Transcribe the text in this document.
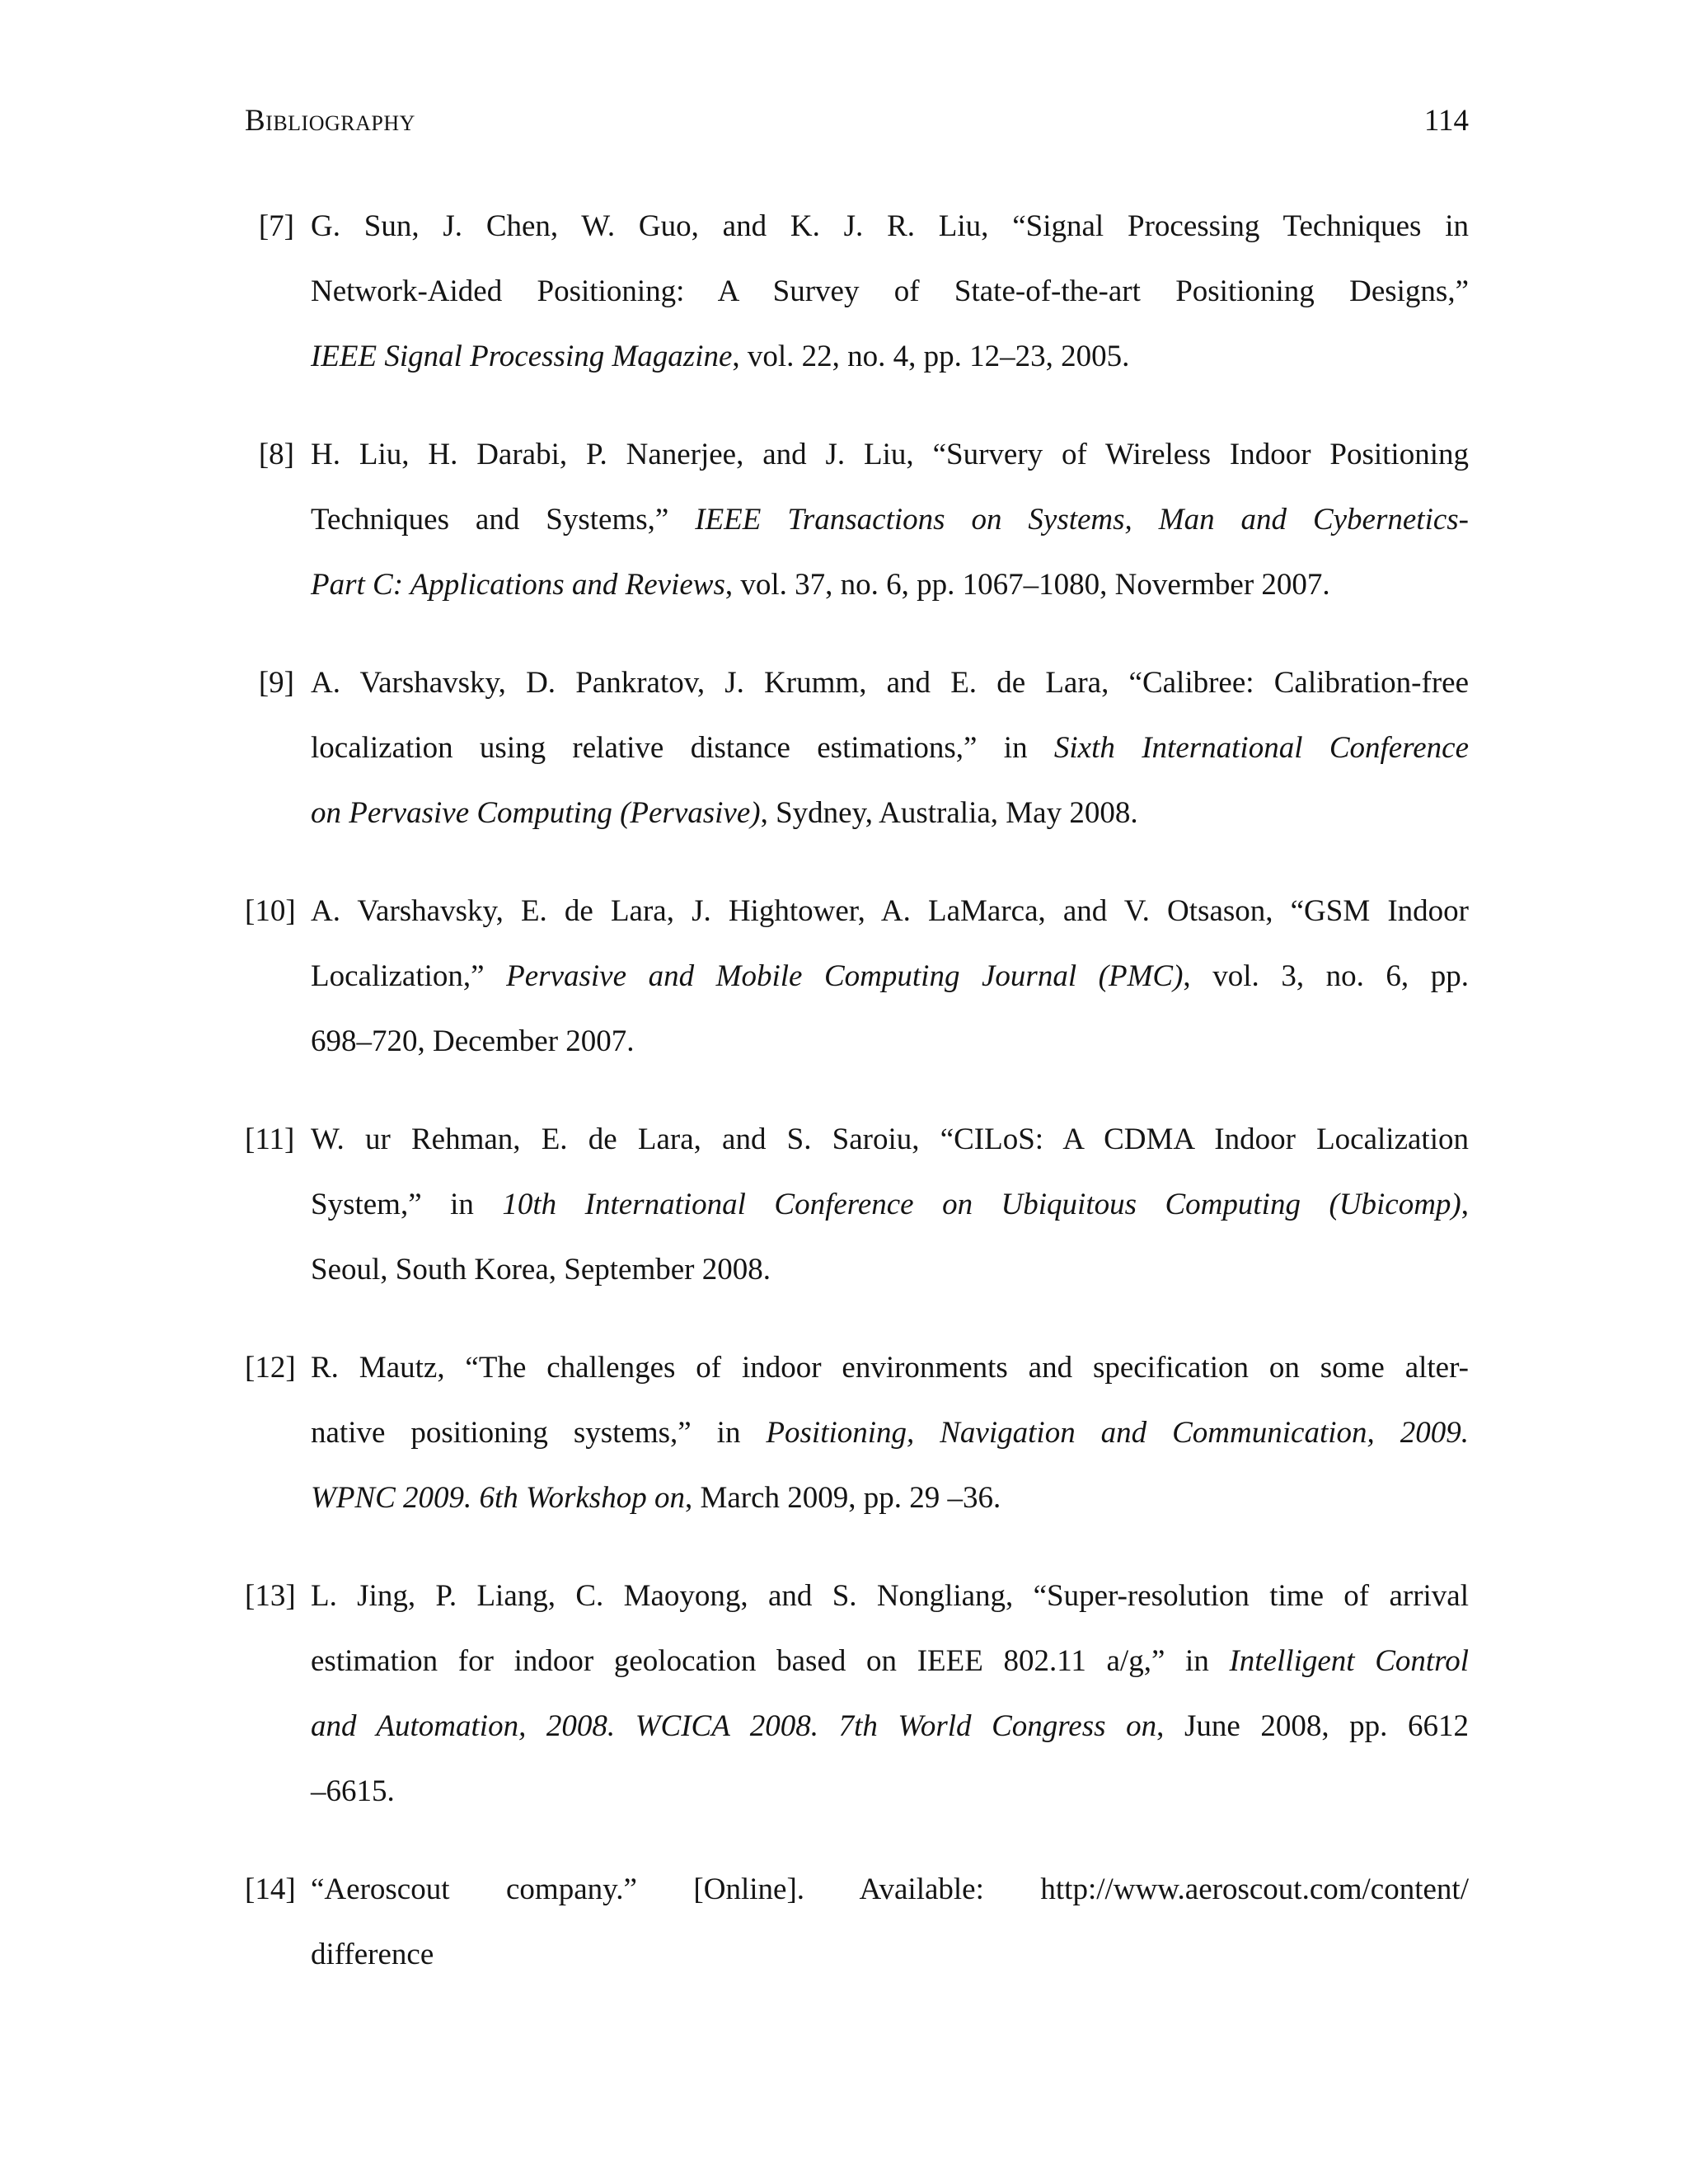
Bibliography	114
[7] G. Sun, J. Chen, W. Guo, and K. J. R. Liu, “Signal Processing Techniques in
Network-Aided Positioning: A Survey of State-of-the-art Positioning Designs,”
IEEE Signal Processing Magazine, vol. 22, no. 4, pp. 12–23, 2005.
[8] H. Liu, H. Darabi, P. Nanerjee, and J. Liu, “Survery of Wireless Indoor Positioning
Techniques and Systems,” IEEE Transactions on Systems, Man and Cybernetics-
Part C: Applications and Reviews, vol. 37, no. 6, pp. 1067–1080, Novermber 2007.
[9] A. Varshavsky, D. Pankratov, J. Krumm, and E. de Lara, “Calibree: Calibration-free
localization using relative distance estimations,” in Sixth International Conference
on Pervasive Computing (Pervasive), Sydney, Australia, May 2008.
[10] A. Varshavsky, E. de Lara, J. Hightower, A. LaMarca, and V. Otsason, “GSM Indoor
Localization,” Pervasive and Mobile Computing Journal (PMC), vol. 3, no. 6, pp.
698–720, December 2007.
[11] W. ur Rehman, E. de Lara, and S. Saroiu, “CILoS: A CDMA Indoor Localization
System,” in 10th International Conference on Ubiquitous Computing (Ubicomp),
Seoul, South Korea, September 2008.
[12] R. Mautz, “The challenges of indoor environments and specification on some alter-
native positioning systems,” in Positioning, Navigation and Communication, 2009.
WPNC 2009. 6th Workshop on, March 2009, pp. 29 –36.
[13] L. Jing, P. Liang, C. Maoyong, and S. Nongliang, “Super-resolution time of arrival
estimation for indoor geolocation based on IEEE 802.11 a/g,” in Intelligent Control
and Automation, 2008. WCICA 2008. 7th World Congress on, June 2008, pp. 6612
–6615.
[14] “Aeroscout company.” [Online]. Available: http://www.aeroscout.com/content/
difference
